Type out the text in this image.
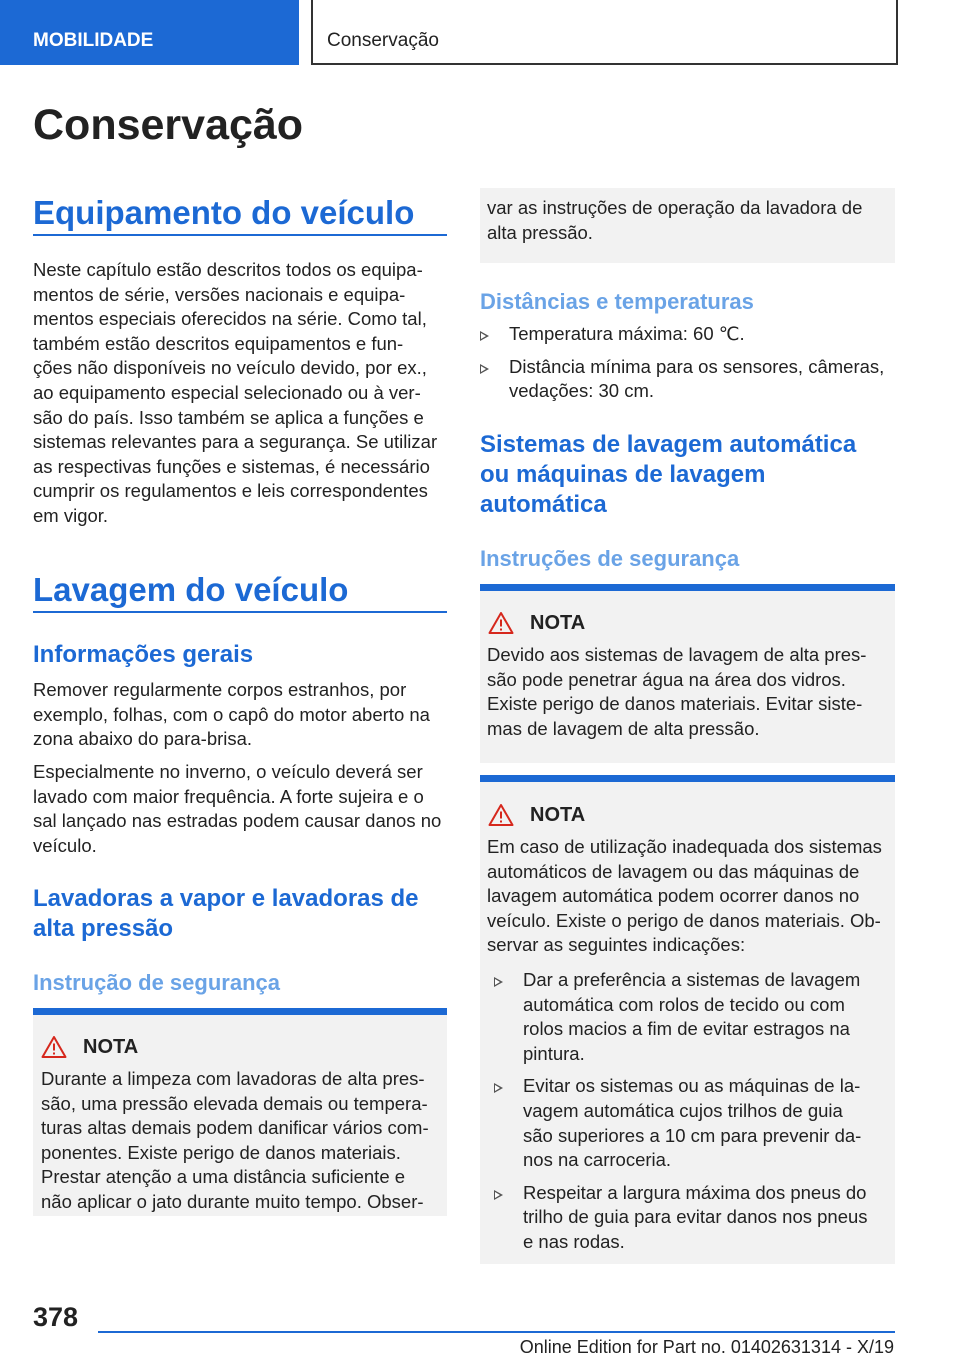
MOBILIDADE	Conservação
Conservação
Equipamento do veículo
Neste capítulo estão descritos todos os equipa-
mentos de série, versões nacionais e equipa-
mentos especiais oferecidos na série. Como tal,
também estão descritos equipamentos e fun-
ções não disponíveis no veículo devido, por ex.,
ao equipamento especial selecionado ou à ver-
são do país. Isso também se aplica a funções e
sistemas relevantes para a segurança. Se utilizar
as respectivas funções e sistemas, é necessário
cumprir os regulamentos e leis correspondentes
em vigor.
Lavagem do veículo
Informações gerais
Remover regularmente corpos estranhos, por
exemplo, folhas, com o capô do motor aberto na
zona abaixo do para-brisa.
Especialmente no inverno, o veículo deverá ser
lavado com maior frequência. A forte sujeira e o
sal lançado nas estradas podem causar danos no
veículo.
Lavadoras a vapor e lavadoras de
alta pressão
Instrução de segurança
NOTA
Durante a limpeza com lavadoras de alta pres-
são, uma pressão elevada demais ou tempera-
turas altas demais podem danificar vários com-
ponentes. Existe perigo de danos materiais.
Prestar atenção a uma distância suficiente e
não aplicar o jato durante muito tempo. Obser-
var as instruções de operação da lavadora de
alta pressão.
Distâncias e temperaturas
Temperatura máxima: 60 ℃.
Distância mínima para os sensores, câmeras,
vedações: 30 cm.
Sistemas de lavagem automática
ou máquinas de lavagem
automática
Instruções de segurança
NOTA
Devido aos sistemas de lavagem de alta pres-
são pode penetrar água na área dos vidros.
Existe perigo de danos materiais. Evitar siste-
mas de lavagem de alta pressão.
NOTA
Em caso de utilização inadequada dos sistemas
automáticos de lavagem ou das máquinas de
lavagem automática podem ocorrer danos no
veículo. Existe o perigo de danos materiais. Ob-
servar as seguintes indicações:
Dar a preferência a sistemas de lavagem
automática com rolos de tecido ou com
rolos macios a fim de evitar estragos na
pintura.
Evitar os sistemas ou as máquinas de la-
vagem automática cujos trilhos de guia
são superiores a 10 cm para prevenir da-
nos na carroceria.
Respeitar a largura máxima dos pneus do
trilho de guia para evitar danos nos pneus
e nas rodas.
378
Online Edition for Part no. 01402631314 - X/19
